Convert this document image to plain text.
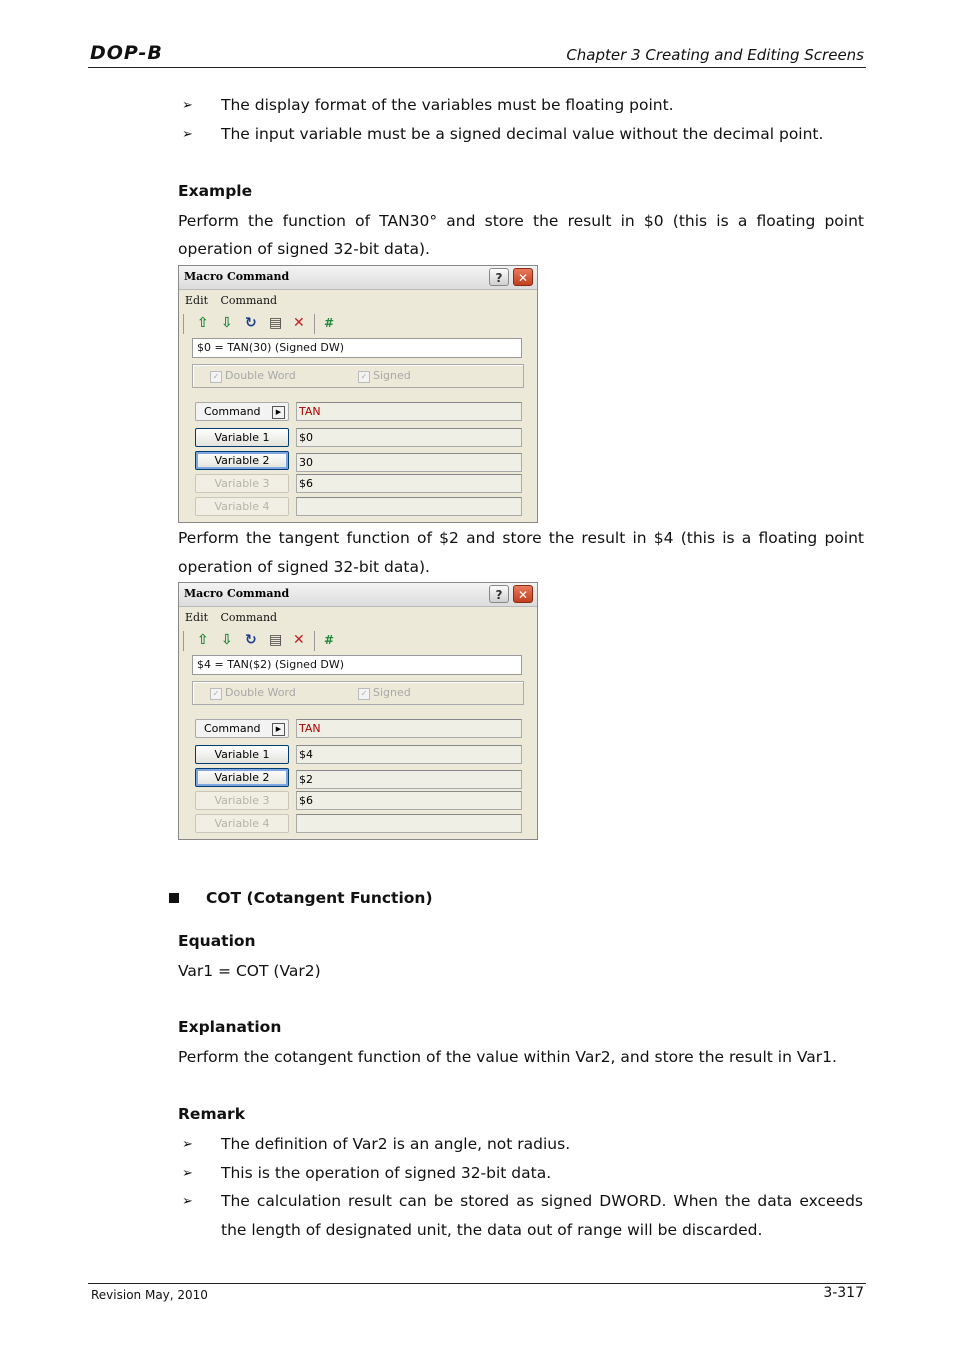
DOP-B	Chapter 3 Creating and Editing Screens
➢ The display format of the variables must be floating point.
➢ The input variable must be a signed decimal value without the decimal point.
Example
Perform the function of TAN30° and store the result in $0 (this is a floating point
operation of signed 32-bit data).
Macro Command	?	✕
Edit Command
⇧ ⇩ ↻ ▤ ✕ #
$0 = TAN(30) (Signed DW)
✓ Double Word	✓ Signed
Command	▶	TAN
Variable 1	$0
Variable 2	30
Variable 3	$6
Variable 4
Perform the tangent function of $2 and store the result in $4 (this is a floating point
operation of signed 32-bit data).
Macro Command	?	✕
Edit Command
⇧ ⇩ ↻ ▤ ✕ #
$4 = TAN($2) (Signed DW)
✓ Double Word	✓ Signed
Command	▶	TAN
Variable 1	$4
Variable 2	$2
Variable 3	$6
Variable 4
COT (Cotangent Function)
Equation
Var1 = COT (Var2)
Explanation
Perform the cotangent function of the value within Var2, and store the result in Var1.
Remark
➢ The definition of Var2 is an angle, not radius.
➢ This is the operation of signed 32-bit data.
➢ The calculation result can be stored as signed DWORD. When the data exceeds
the length of designated unit, the data out of range will be discarded.
Revision May, 2010	3-317
